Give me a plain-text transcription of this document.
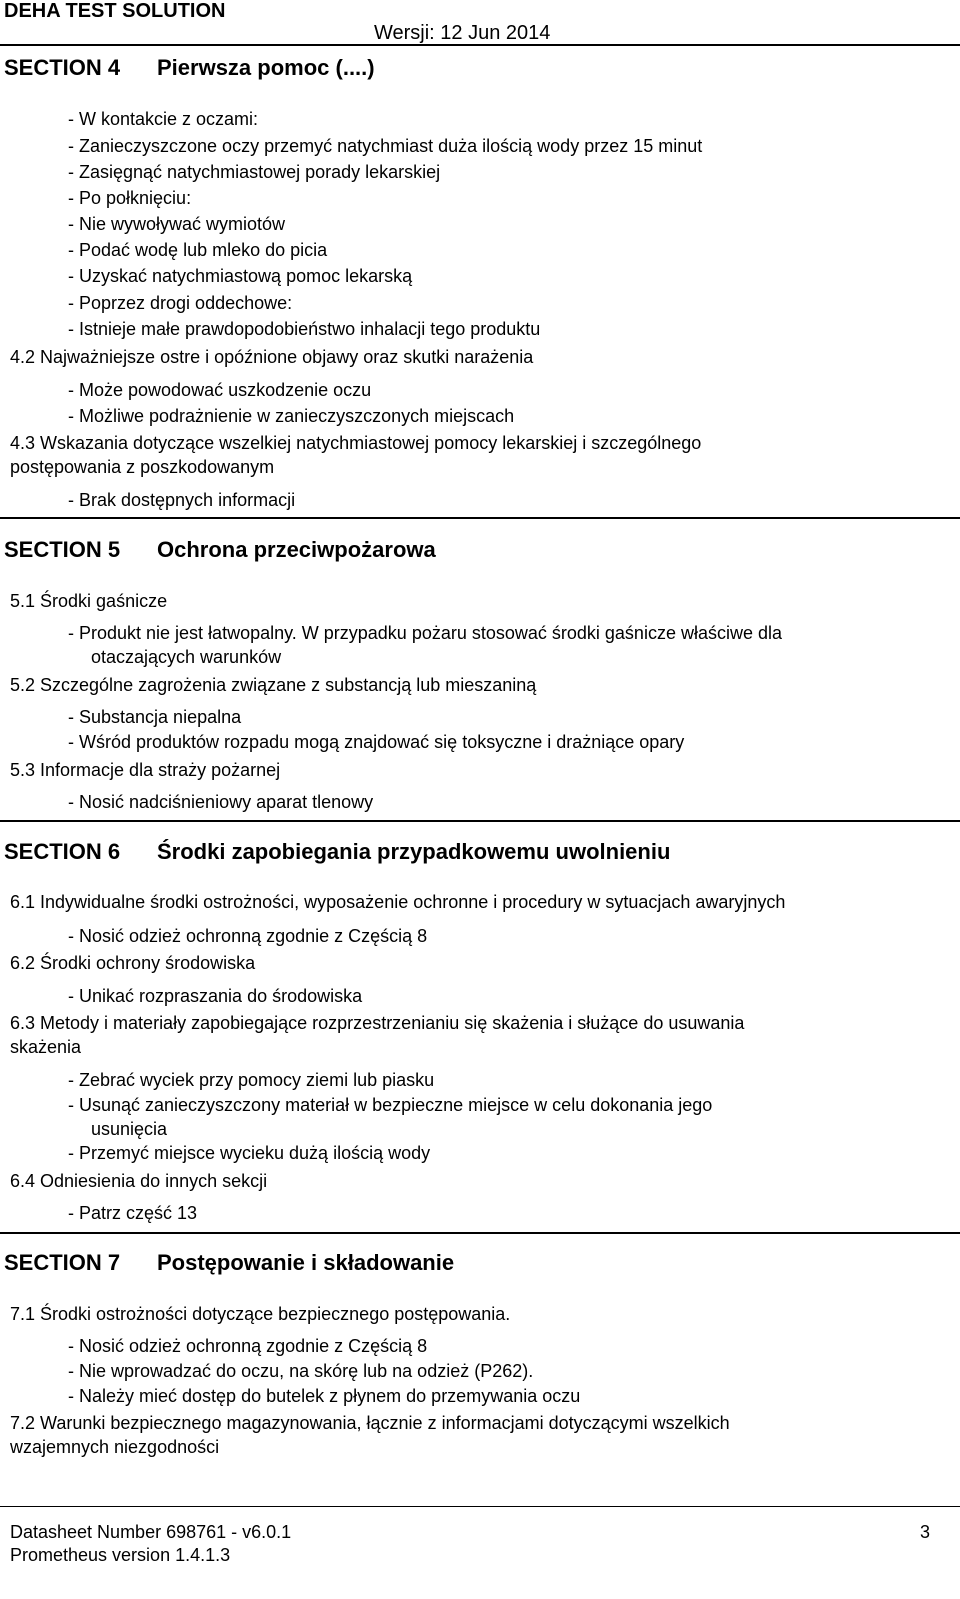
DEHA TEST SOLUTION
Wersji: 12 Jun 2014
SECTION 4 Pierwsza pomoc (....)
- W kontakcie z oczami:
- Zanieczyszczone oczy przemyć natychmiast duża ilością wody przez 15 minut
- Zasięgnąć natychmiastowej porady lekarskiej
- Po połknięciu:
- Nie wywoływać wymiotów
- Podać wodę lub mleko do picia
- Uzyskać natychmiastową pomoc lekarską
- Poprzez drogi oddechowe:
- Istnieje małe prawdopodobieństwo inhalacji tego produktu
4.2 Najważniejsze ostre i opóźnione objawy oraz skutki narażenia
- Może powodować uszkodzenie oczu
- Możliwe podrażnienie w zanieczyszczonych miejscach
4.3 Wskazania dotyczące wszelkiej natychmiastowej pomocy lekarskiej i szczególnego
postępowania z poszkodowanym
- Brak dostępnych informacji
SECTION 5 Ochrona przeciwpożarowa
5.1 Środki gaśnicze
- Produkt nie jest łatwopalny. W przypadku pożaru stosować środki gaśnicze właściwe dla
otaczających warunków
5.2 Szczególne zagrożenia związane z substancją lub mieszaniną
- Substancja niepalna
- Wśród produktów rozpadu mogą znajdować się toksyczne i drażniące opary
5.3 Informacje dla straży pożarnej
- Nosić nadciśnieniowy aparat tlenowy
SECTION 6 Środki zapobiegania przypadkowemu uwolnieniu
6.1 Indywidualne środki ostrożności, wyposażenie ochronne i procedury w sytuacjach awaryjnych
- Nosić odzież ochronną zgodnie z Częścią 8
6.2 Środki ochrony środowiska
- Unikać rozpraszania do środowiska
6.3 Metody i materiały zapobiegające rozprzestrzenianiu się skażenia i służące do usuwania
skażenia
- Zebrać wyciek przy pomocy ziemi lub piasku
- Usunąć zanieczyszczony materiał w bezpieczne miejsce w celu dokonania jego
usunięcia
- Przemyć miejsce wycieku dużą ilością wody
6.4 Odniesienia do innych sekcji
- Patrz część 13
SECTION 7 Postępowanie i składowanie
7.1 Środki ostrożności dotyczące bezpiecznego postępowania.
- Nosić odzież ochronną zgodnie z Częścią 8
- Nie wprowadzać do oczu, na skórę lub na odzież (P262).
- Należy mieć dostęp do butelek z płynem do przemywania oczu
7.2 Warunki bezpiecznego magazynowania, łącznie z informacjami dotyczącymi wszelkich
wzajemnych niezgodności
Datasheet Number 698761 - v6.0.1
Prometheus version 1.4.1.3
3
